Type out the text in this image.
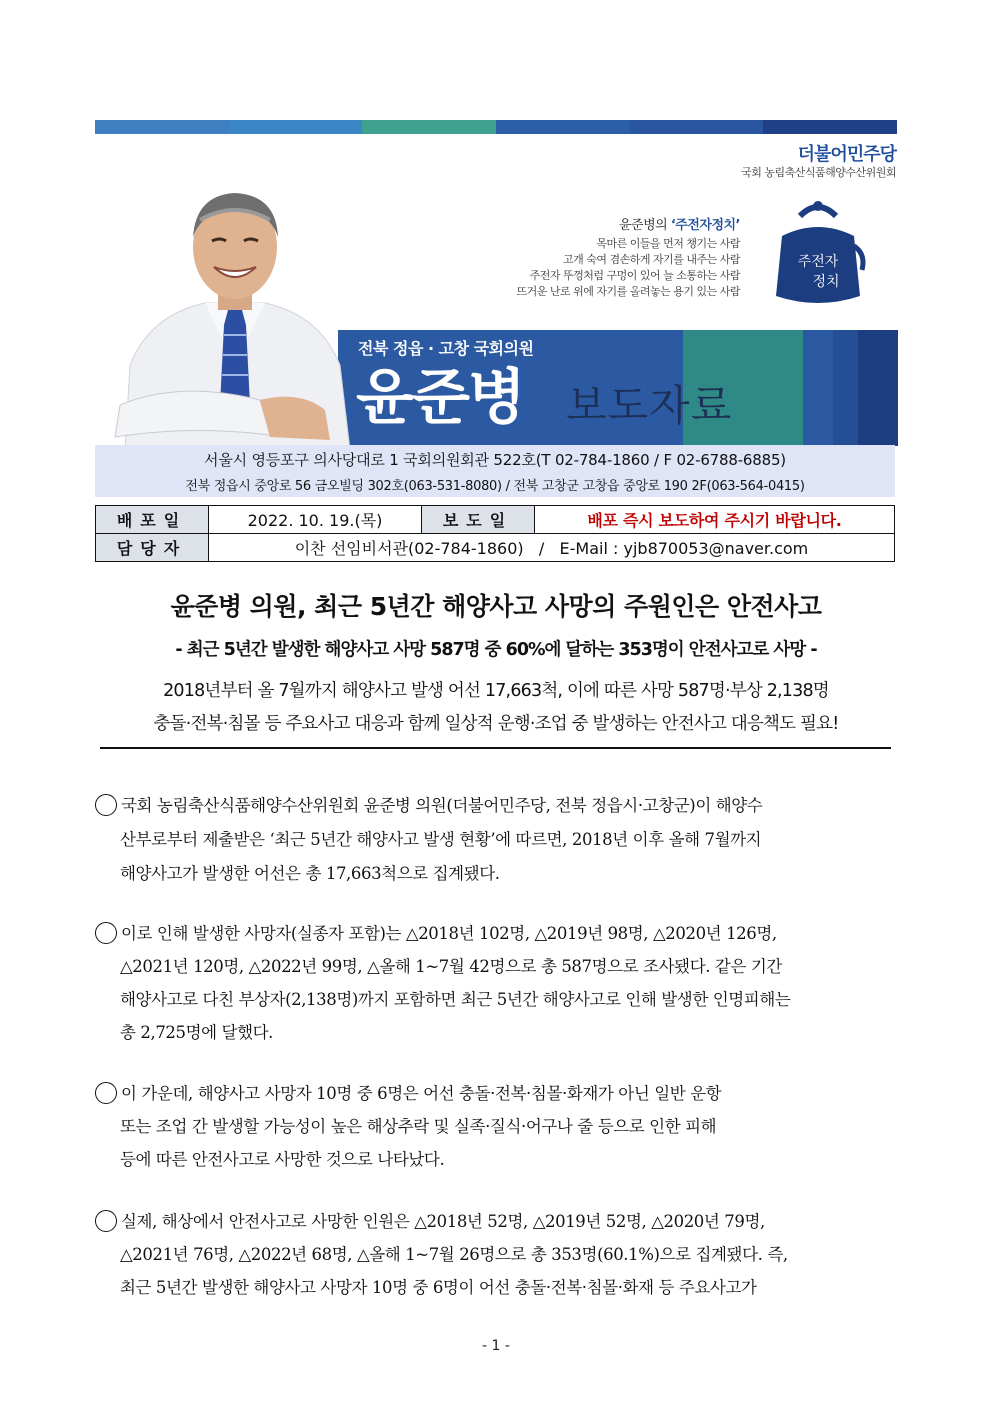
더불어민주당
국회 농림축산식품해양수산위원회
윤준병의 ‘주전자정치’
목마른 이들을 먼저 챙기는 사람
고개 숙여 겸손하게 자기를 내주는 사람
주전자 뚜껑처럼 구멍이 있어 늘 소통하는 사람
뜨거운 난로 위에 자기를 올려놓는 용기 있는 사람
주전자
정치
전북 정읍 · 고창 국회의원
윤준병 보도자료
서울시 영등포구 의사당대로 1 국회의원회관 522호(T 02-784-1860 / F 02-6788-6885)
전북 정읍시 중앙로 56 금오빌딩 302호(063-531-8080) / 전북 고창군 고창읍 중앙로 190 2F(063-564-0415)
배포일	2022. 10. 19.(목)	보도일	배포 즉시 보도하여 주시기 바랍니다.
담당자	이찬 선임비서관(02-784-1860)   /   E-Mail : yjb870053@naver.com		
윤준병 의원, 최근 5년간 해양사고 사망의 주원인은 안전사고
- 최근 5년간 발생한 해양사고 사망 587명 중 60%에 달하는 353명이 안전사고로 사망 -
2018년부터 올 7월까지 해양사고 발생 어선 17,663척, 이에 따른 사망 587명·부상 2,138명
충돌·전복·침몰 등 주요사고 대응과 함께 일상적 운행·조업 중 발생하는 안전사고 대응책도 필요!
국회 농림축산식품해양수산위원회 윤준병 의원(더불어민주당, 전북 정읍시·고창군)이 해양수
산부로부터 제출받은 ‘최근 5년간 해양사고 발생 현황’에 따르면, 2018년 이후 올해 7월까지
해양사고가 발생한 어선은 총 17,663척으로 집계됐다.
이로 인해 발생한 사망자(실종자 포함)는 △2018년 102명, △2019년 98명, △2020년 126명,
△2021년 120명, △2022년 99명, △올해 1~7월 42명으로 총 587명으로 조사됐다. 같은 기간
해양사고로 다친 부상자(2,138명)까지 포함하면 최근 5년간 해양사고로 인해 발생한 인명피해는
총 2,725명에 달했다.
이 가운데, 해양사고 사망자 10명 중 6명은 어선 충돌·전복·침몰·화재가 아닌 일반 운항
또는 조업 간 발생할 가능성이 높은 해상추락 및 실족·질식·어구나 줄 등으로 인한 피해
등에 따른 안전사고로 사망한 것으로 나타났다.
실제, 해상에서 안전사고로 사망한 인원은 △2018년 52명, △2019년 52명, △2020년 79명,
△2021년 76명, △2022년 68명, △올해 1~7월 26명으로 총 353명(60.1%)으로 집계됐다. 즉,
최근 5년간 발생한 해양사고 사망자 10명 중 6명이 어선 충돌·전복·침몰·화재 등 주요사고가
- 1 -
